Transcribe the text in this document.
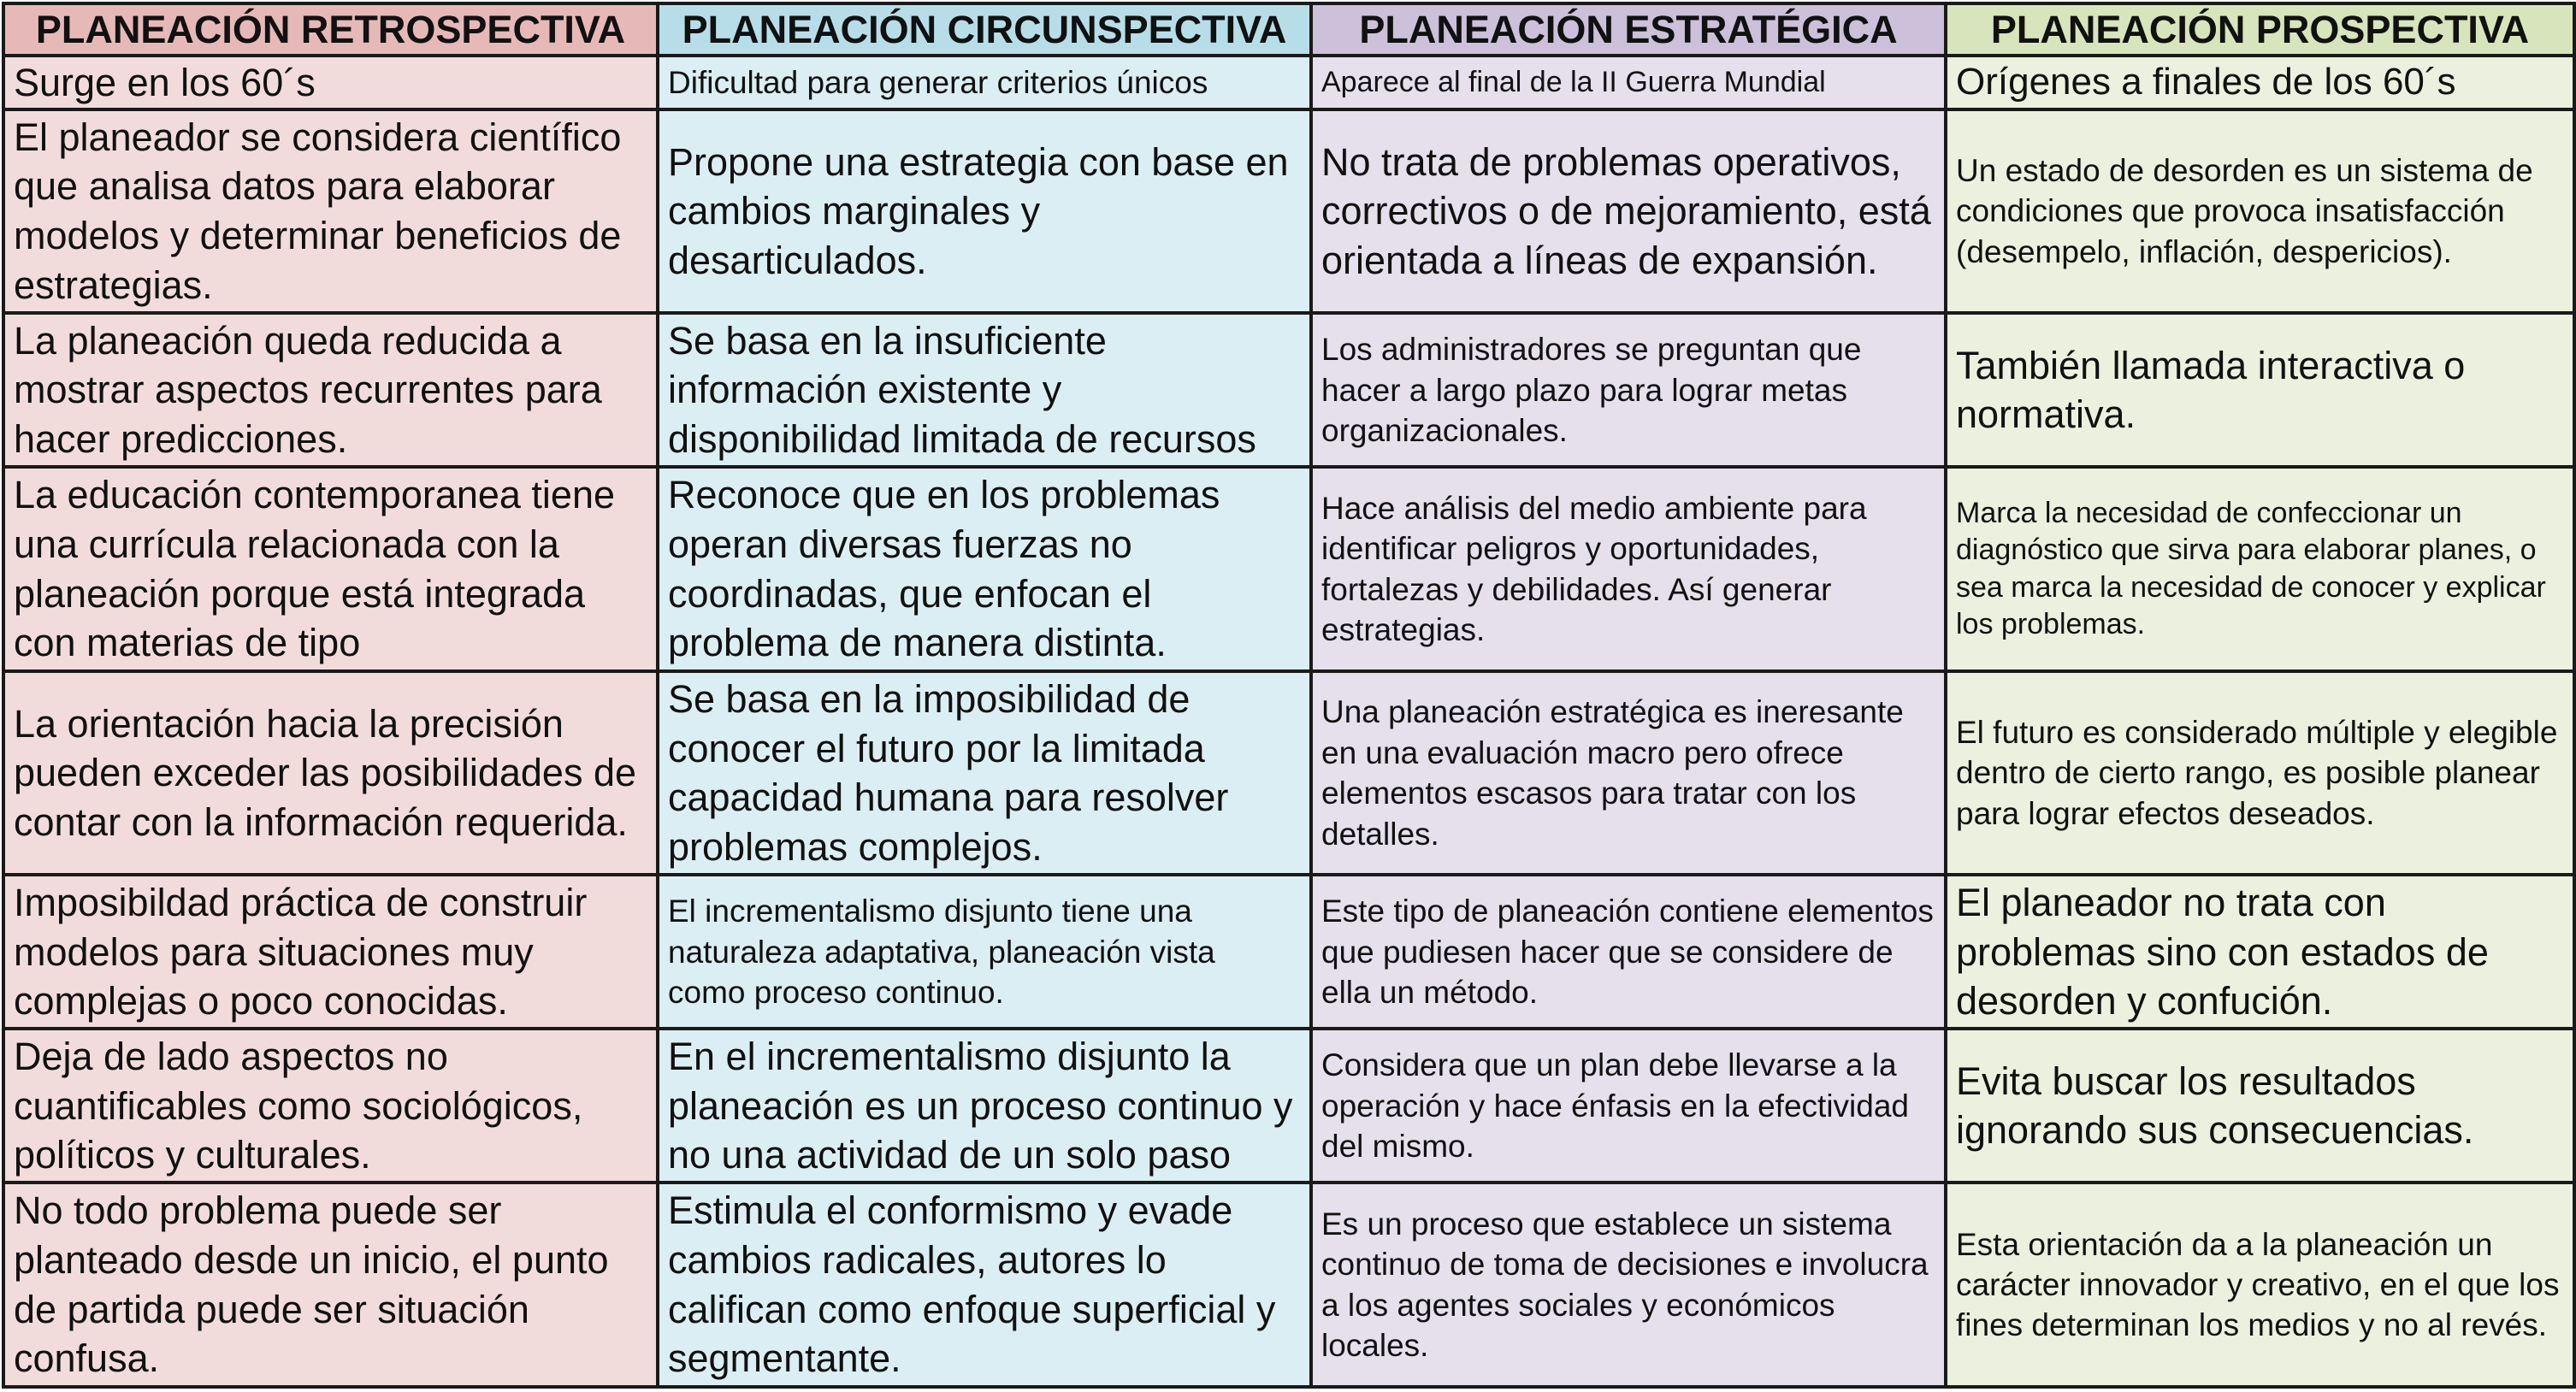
PLANEACIÓN RETROSPECTIVA	PLANEACIÓN CIRCUNSPECTIVA	PLANEACIÓN ESTRATÉGICA	PLANEACIÓN PROSPECTIVA
Surge en los 60´s	Dificultad para generar criterios únicos	Aparece al final de la II Guerra Mundial	Orígenes a finales de los 60´s
El planeador se considera científico que analisa datos para elaborar modelos y determinar beneficios de estrategias.	Propone una estrategia con base en cambios marginales y desarticulados.	No trata de problemas operativos, correctivos o de mejoramiento, está orientada a líneas de expansión.	Un estado de desorden es un sistema de condiciones que provoca insatisfacción (desempelo, inflación, despericios).
La planeación queda reducida a mostrar aspectos recurrentes para hacer predicciones.	Se basa en la insuficiente información existente y disponibilidad limitada de recursos	Los administradores se preguntan que hacer a largo plazo para lograr metas organizacionales.	También llamada interactiva o normativa.
La educación contemporanea tiene una currícula relacionada con la planeación porque está integrada con materias de tipo	Reconoce que en los problemas operan diversas fuerzas no coordinadas, que enfocan el problema de manera distinta.	Hace análisis del medio ambiente para identificar peligros y oportunidades, fortalezas y debilidades. Así generar estrategias.	Marca la necesidad de confeccionar un diagnóstico que sirva para elaborar planes, o sea marca la necesidad de conocer y explicar los problemas.
La orientación hacia la precisión pueden exceder las posibilidades de contar con la información requerida.	Se basa en la imposibilidad de conocer el futuro por la limitada capacidad humana para resolver problemas complejos.	Una planeación estratégica es ineresante en una evaluación macro pero ofrece elementos escasos para tratar con los detalles.	El futuro es considerado múltiple y elegible dentro de cierto rango, es posible planear para lograr efectos deseados.
Imposibildad práctica de construir modelos para situaciones muy complejas o poco conocidas.	El incrementalismo disjunto tiene una naturaleza adaptativa, planeación vista como proceso continuo.	Este tipo de planeación contiene elementos que pudiesen hacer que se considere de ella un método.	El planeador no trata con problemas sino con estados de desorden y confución.
Deja de lado aspectos no cuantificables como sociológicos, políticos y culturales.	En el incrementalismo disjunto la planeación es un proceso continuo y no una actividad de un solo paso	Considera que un plan debe llevarse a la operación y hace énfasis en la efectividad del mismo.	Evita buscar los resultados ignorando sus consecuencias.
No todo problema puede ser planteado desde un inicio, el punto de partida puede ser situación confusa.	Estimula el conformismo y evade cambios radicales, autores lo califican como enfoque superficial y segmentante.	Es un proceso que establece un sistema continuo de toma de decisiones e involucra a los agentes sociales y económicos locales.	Esta orientación da a la planeación un carácter innovador y creativo, en el que los fines determinan los medios y no al revés.
